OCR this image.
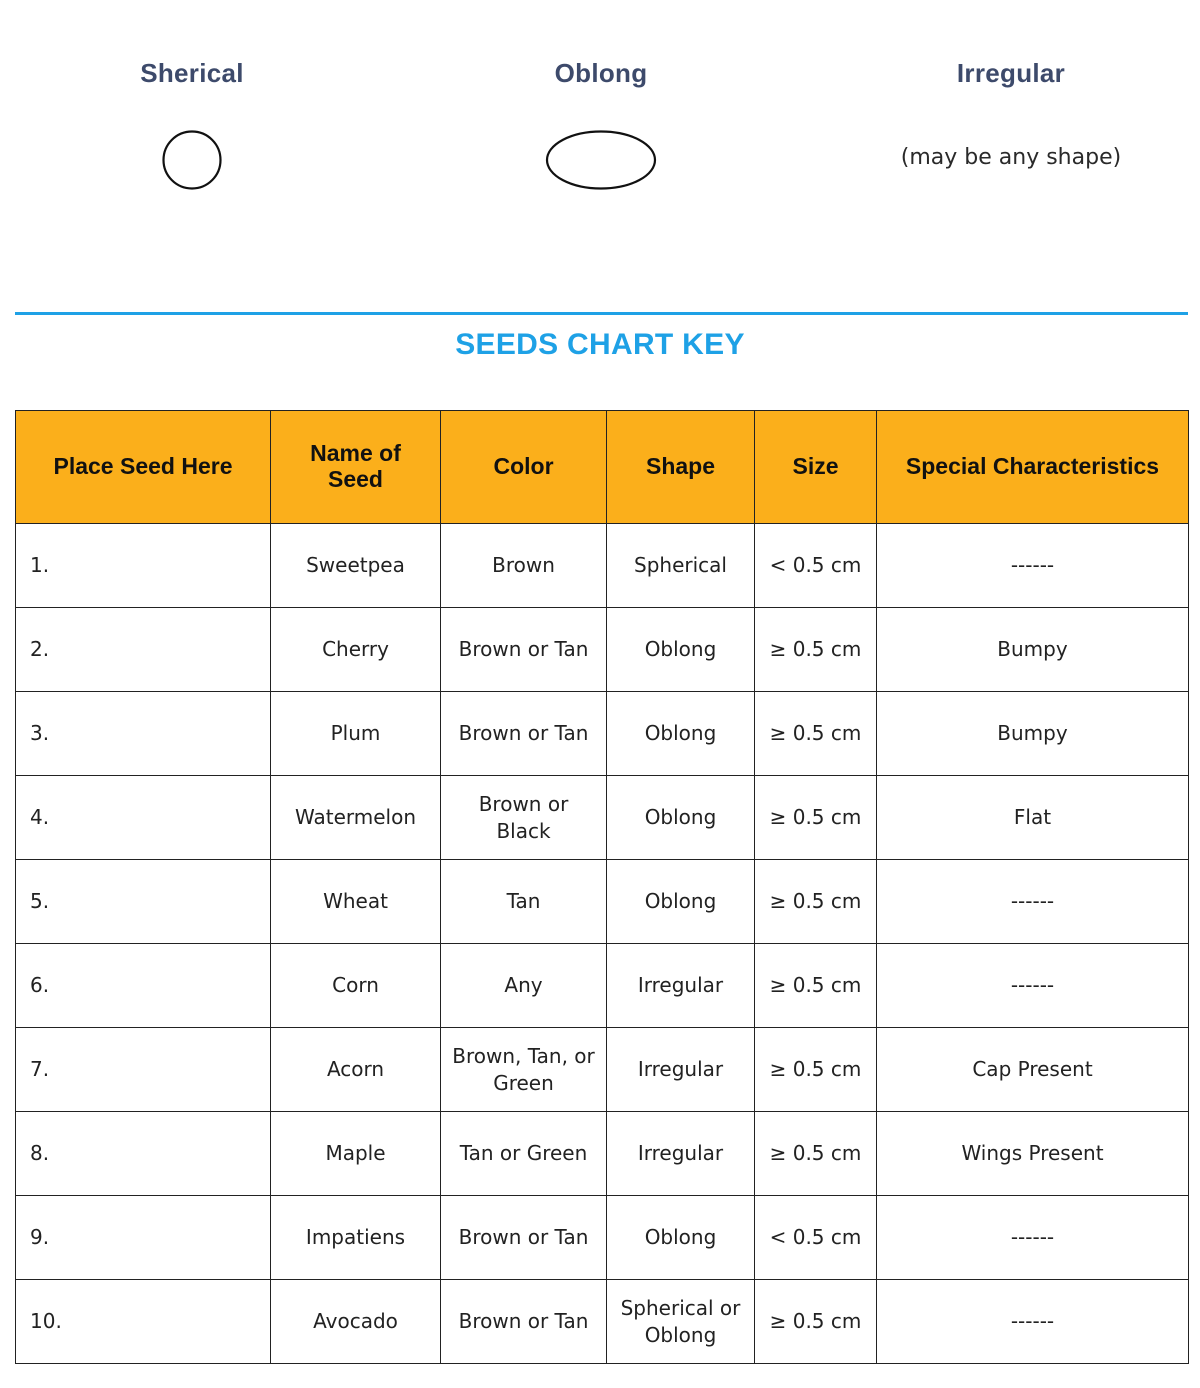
Sherical	Oblong	Irregular
(may be any shape)
SEEDS CHART KEY
Place Seed Here	Name of Seed	Color	Shape	Size	Special Characteristics
1.	Sweetpea	Brown	Spherical	< 0.5 cm	------
2.	Cherry	Brown or Tan	Oblong	≥ 0.5 cm	Bumpy
3.	Plum	Brown or Tan	Oblong	≥ 0.5 cm	Bumpy
4.	Watermelon	Brown or Black	Oblong	≥ 0.5 cm	Flat
5.	Wheat	Tan	Oblong	≥ 0.5 cm	------
6.	Corn	Any	Irregular	≥ 0.5 cm	------
7.	Acorn	Brown, Tan, or Green	Irregular	≥ 0.5 cm	Cap Present
8.	Maple	Tan or Green	Irregular	≥ 0.5 cm	Wings Present
9.	Impatiens	Brown or Tan	Oblong	< 0.5 cm	------
10.	Avocado	Brown or Tan	Spherical or Oblong	≥ 0.5 cm	------
